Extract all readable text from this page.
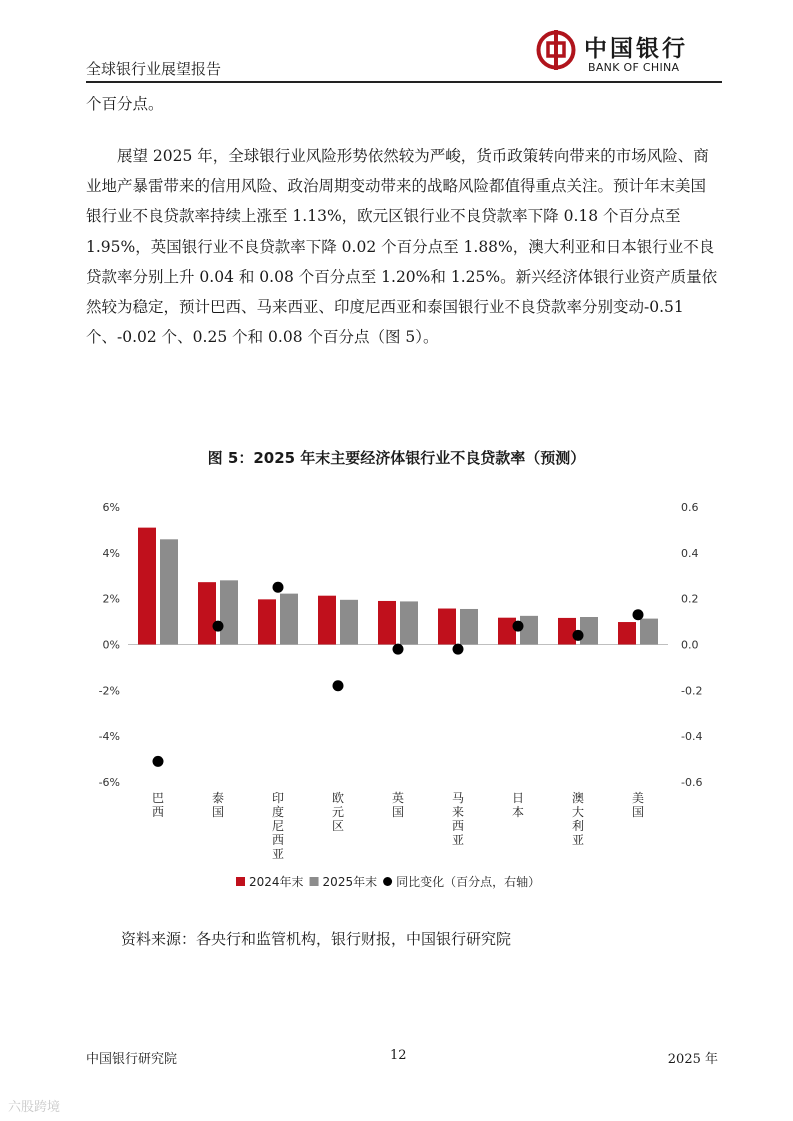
全球银行业展望报告
中国银行
BANK OF CHINA
个百分点。
展望 2025 年，全球银行业风险形势依然较为严峻，货币政策转向带来的市场风险、商业地产暴雷带来的信用风险、政治周期变动带来的战略风险都值得重点关注。预计年末美国银行业不良贷款率持续上涨至 1.13%，欧元区银行业不良贷款率下降 0.18 个百分点至 1.95%，英国银行业不良贷款率下降 0.02 个百分点至 1.88%，澳大利亚和日本银行业不良贷款率分别上升 0.04 和 0.08 个百分点至 1.20%和 1.25%。新兴经济体银行业资产质量依然较为稳定，预计巴西、马来西亚、印度尼西亚和泰国银行业不良贷款率分别变动-0.51 个、-0.02 个、0.25 个和 0.08 个百分点（图 5）。
图 5：2025 年末主要经济体银行业不良贷款率（预测）
6%
4%
2%
0%
-2%
-4%
-6%
0.6
0.4
0.2
0.0
-0.2
-0.4
-0.6
巴
西
泰
国
印
度
尼
西
亚
欧
元
区
英
国
马
来
西
亚
日
本
澳
大
利
亚
美
国
2024年末 2025年末 同比变化（百分点，右轴）
资料来源：各央行和监管机构，银行财报，中国银行研究院
中国银行研究院	12	2025 年
六股跨境
